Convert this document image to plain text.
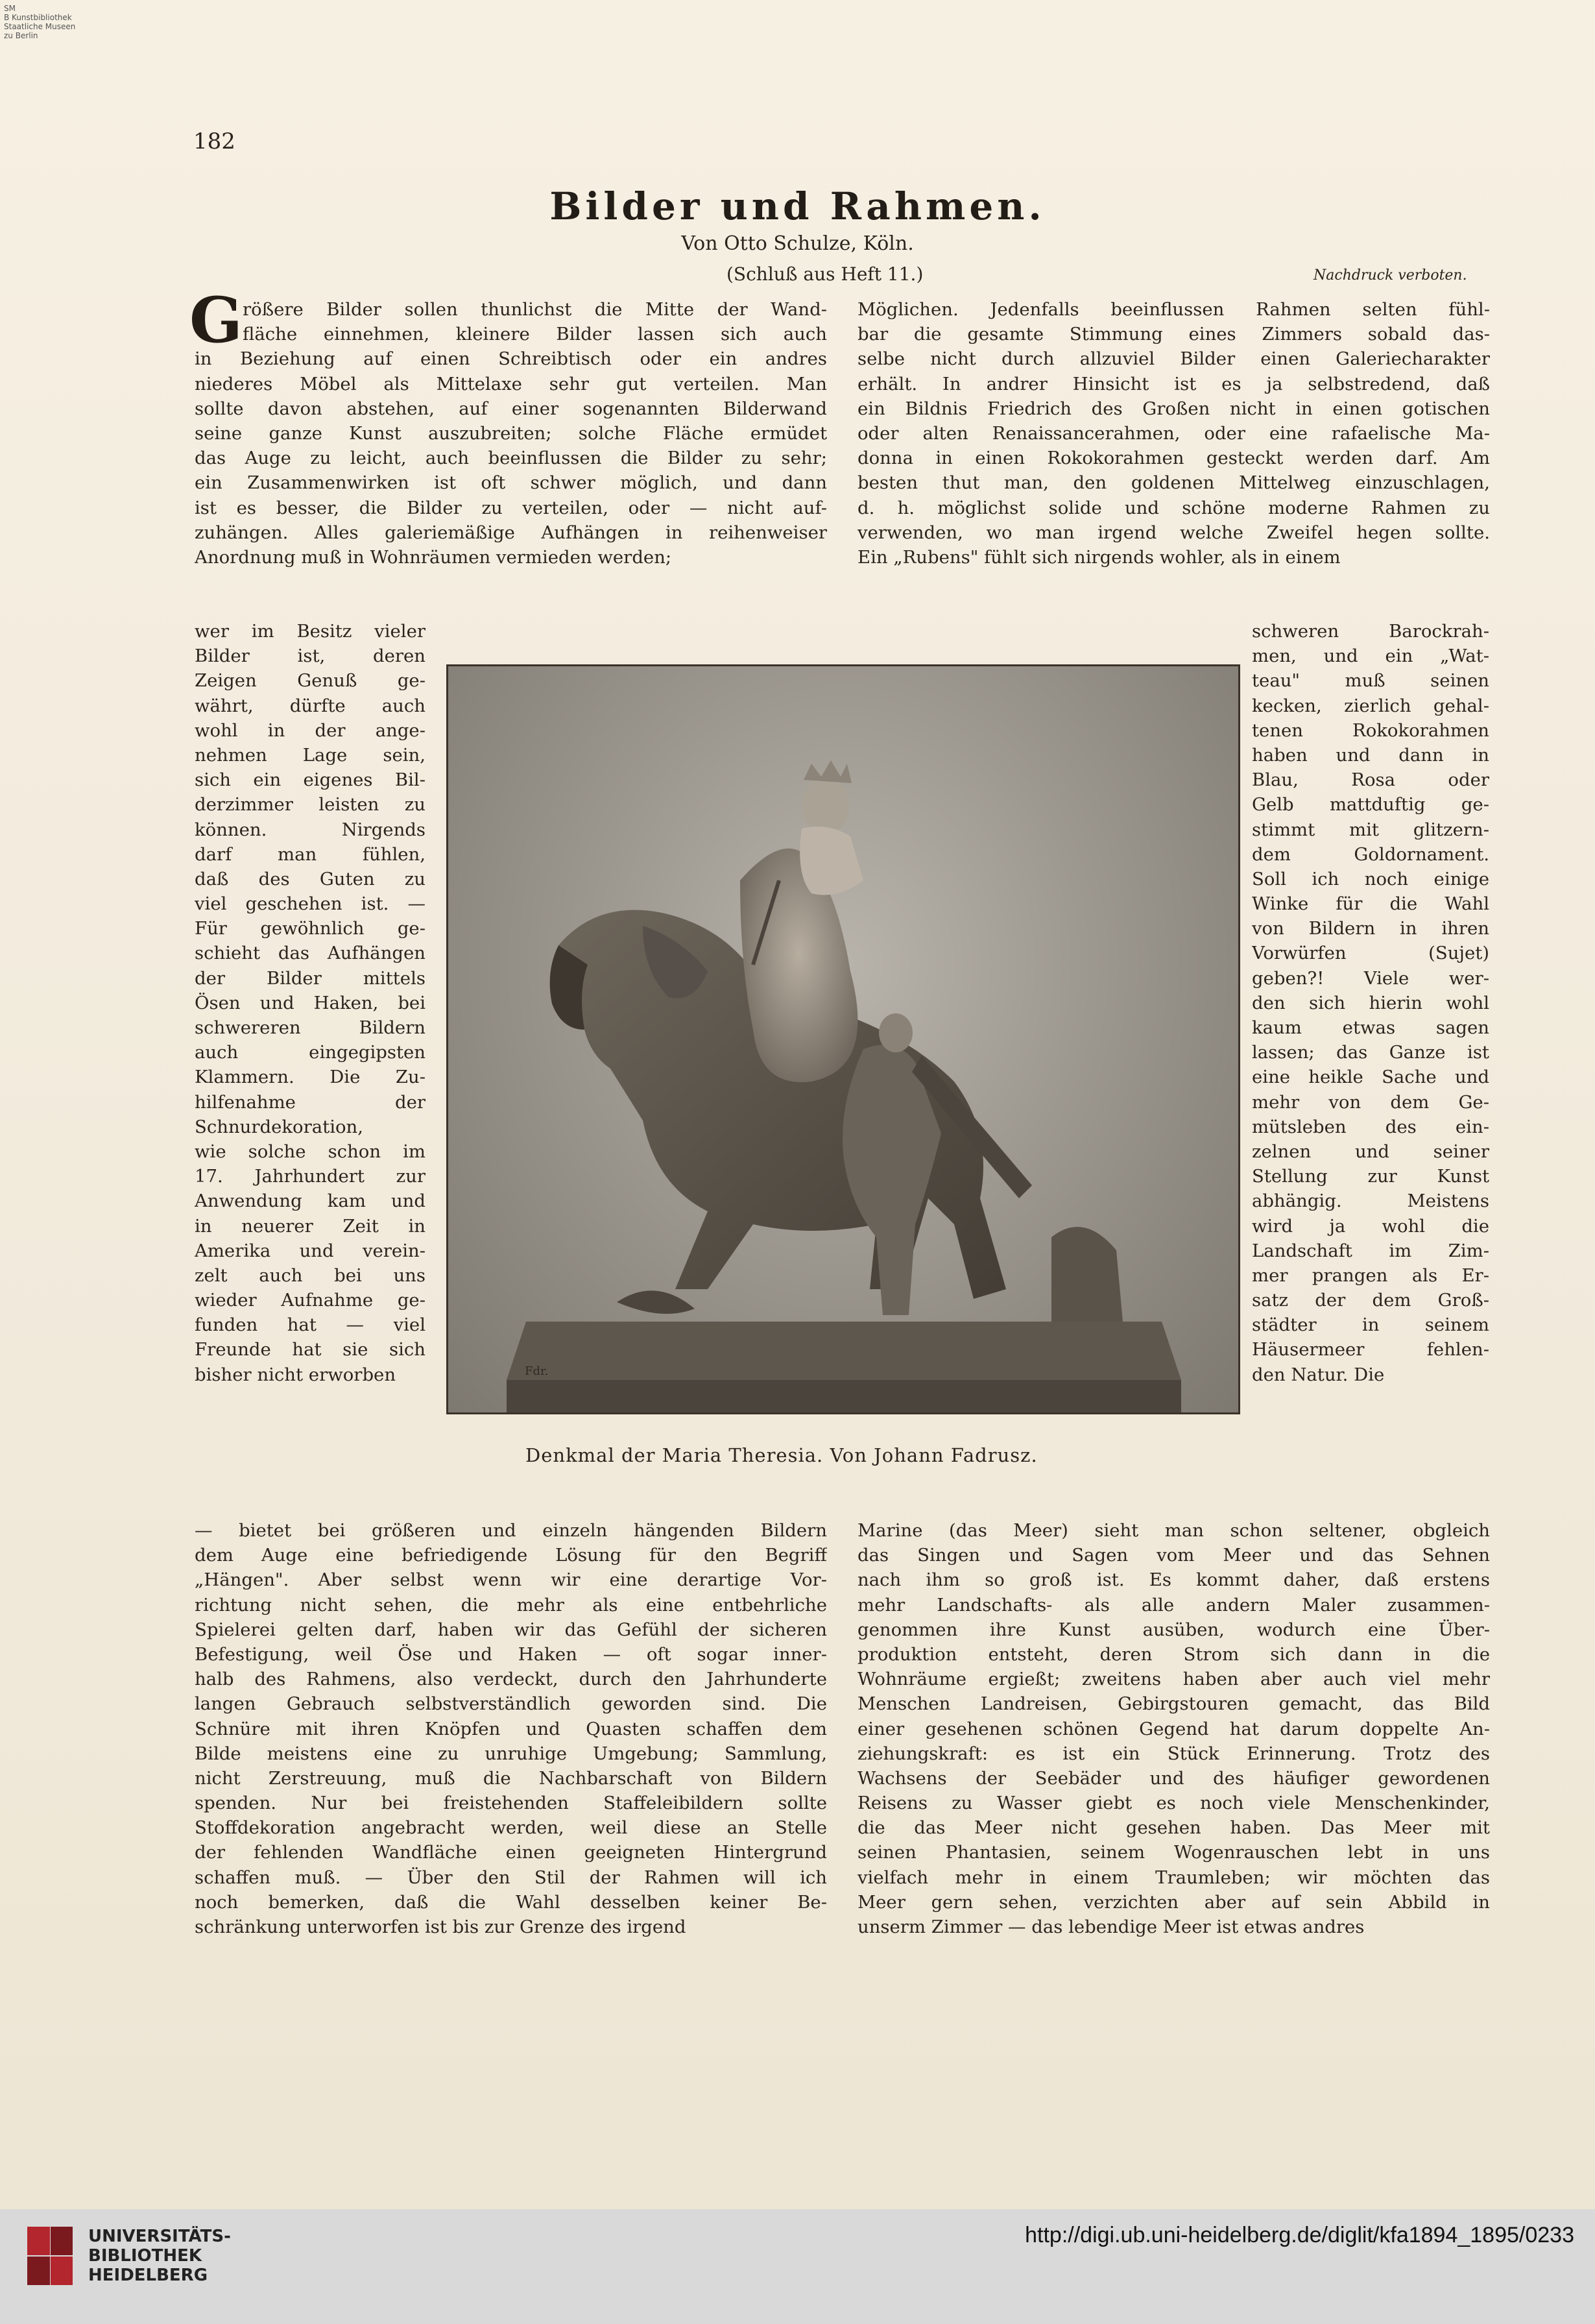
SM
B Kunstbibliothek
Staatliche Museen
zu Berlin
182
Bilder und Rahmen.
Von Otto Schulze, Köln.
(Schluß aus Heft 11.)	Nachdruck verboten.
G rößere Bilder sollen thunlichst die Mitte der Wand-
fläche einnehmen, kleinere Bilder lassen sich auch
in Beziehung auf einen Schreibtisch oder ein andres
niederes Möbel als Mittelaxe sehr gut verteilen. Man
sollte davon abstehen, auf einer sogenannten Bilderwand
seine ganze Kunst auszubreiten; solche Fläche ermüdet
das Auge zu leicht, auch beeinflussen die Bilder zu sehr;
ein Zusammenwirken ist oft schwer möglich, und dann
ist es besser, die Bilder zu verteilen, oder — nicht auf-
zuhängen. Alles galeriemäßige Aufhängen in reihenweiser
Anordnung muß in Wohnräumen vermieden werden;
Möglichen. Jedenfalls beeinflussen Rahmen selten fühl-
bar die gesamte Stimmung eines Zimmers sobald das-
selbe nicht durch allzuviel Bilder einen Galeriecharakter
erhält. In andrer Hinsicht ist es ja selbstredend, daß
ein Bildnis Friedrich des Großen nicht in einen gotischen
oder alten Renaissancerahmen, oder eine rafaelische Ma-
donna in einen Rokokorahmen gesteckt werden darf. Am
besten thut man, den goldenen Mittelweg einzuschlagen,
d. h. möglichst solide und schöne moderne Rahmen zu
verwenden, wo man irgend welche Zweifel hegen sollte.
Ein „Rubens" fühlt sich nirgends wohler, als in einem
wer im Besitz vieler
Bilder ist, deren
Zeigen Genuß ge-
währt, dürfte auch
wohl in der ange-
nehmen Lage sein,
sich ein eigenes Bil-
derzimmer leisten zu
können. Nirgends
darf man fühlen,
daß des Guten zu
viel geschehen ist. —
Für gewöhnlich ge-
schieht das Aufhängen
der Bilder mittels
Ösen und Haken, bei
schwereren Bildern
auch eingegipsten
Klammern. Die Zu-
hilfenahme der
Schnurdekoration,
wie solche schon im
17. Jahrhundert zur
Anwendung kam und
in neuerer Zeit in
Amerika und verein-
zelt auch bei uns
wieder Aufnahme ge-
funden hat — viel
Freunde hat sie sich
bisher nicht erworben
schweren Barockrah-
men, und ein „Wat-
teau" muß seinen
kecken, zierlich gehal-
tenen Rokokorahmen
haben und dann in
Blau, Rosa oder
Gelb mattduftig ge-
stimmt mit glitzern-
dem Goldornament.
Soll ich noch einige
Winke für die Wahl
von Bildern in ihren
Vorwürfen (Sujet)
geben?! Viele wer-
den sich hierin wohl
kaum etwas sagen
lassen; das Ganze ist
eine heikle Sache und
mehr von dem Ge-
mütsleben des ein-
zelnen und seiner
Stellung zur Kunst
abhängig. Meistens
wird ja wohl die
Landschaft im Zim-
mer prangen als Er-
satz der dem Groß-
städter in seinem
Häusermeer fehlen-
den Natur. Die
Fdr.
Denkmal der Maria Theresia. Von Johann Fadrusz.
— bietet bei größeren und einzeln hängenden Bildern
dem Auge eine befriedigende Lösung für den Begriff
„Hängen". Aber selbst wenn wir eine derartige Vor-
richtung nicht sehen, die mehr als eine entbehrliche
Spielerei gelten darf, haben wir das Gefühl der sicheren
Befestigung, weil Öse und Haken — oft sogar inner-
halb des Rahmens, also verdeckt, durch den Jahrhunderte
langen Gebrauch selbstverständlich geworden sind. Die
Schnüre mit ihren Knöpfen und Quasten schaffen dem
Bilde meistens eine zu unruhige Umgebung; Sammlung,
nicht Zerstreuung, muß die Nachbarschaft von Bildern
spenden. Nur bei freistehenden Staffeleibildern sollte
Stoffdekoration angebracht werden, weil diese an Stelle
der fehlenden Wandfläche einen geeigneten Hintergrund
schaffen muß. — Über den Stil der Rahmen will ich
noch bemerken, daß die Wahl desselben keiner Be-
schränkung unterworfen ist bis zur Grenze des irgend
Marine (das Meer) sieht man schon seltener, obgleich
das Singen und Sagen vom Meer und das Sehnen
nach ihm so groß ist. Es kommt daher, daß erstens
mehr Landschafts- als alle andern Maler zusammen-
genommen ihre Kunst ausüben, wodurch eine Über-
produktion entsteht, deren Strom sich dann in die
Wohnräume ergießt; zweitens haben aber auch viel mehr
Menschen Landreisen, Gebirgstouren gemacht, das Bild
einer gesehenen schönen Gegend hat darum doppelte An-
ziehungskraft: es ist ein Stück Erinnerung. Trotz des
Wachsens der Seebäder und des häufiger gewordenen
Reisens zu Wasser giebt es noch viele Menschenkinder,
die das Meer nicht gesehen haben. Das Meer mit
seinen Phantasien, seinem Wogenrauschen lebt in uns
vielfach mehr in einem Traumleben; wir möchten das
Meer gern sehen, verzichten aber auf sein Abbild in
unserm Zimmer — das lebendige Meer ist etwas andres
UNIVERSITÄTS-
BIBLIOTHEK
HEIDELBERG
http://digi.ub.uni-heidelberg.de/diglit/kfa1894_1895/0233
